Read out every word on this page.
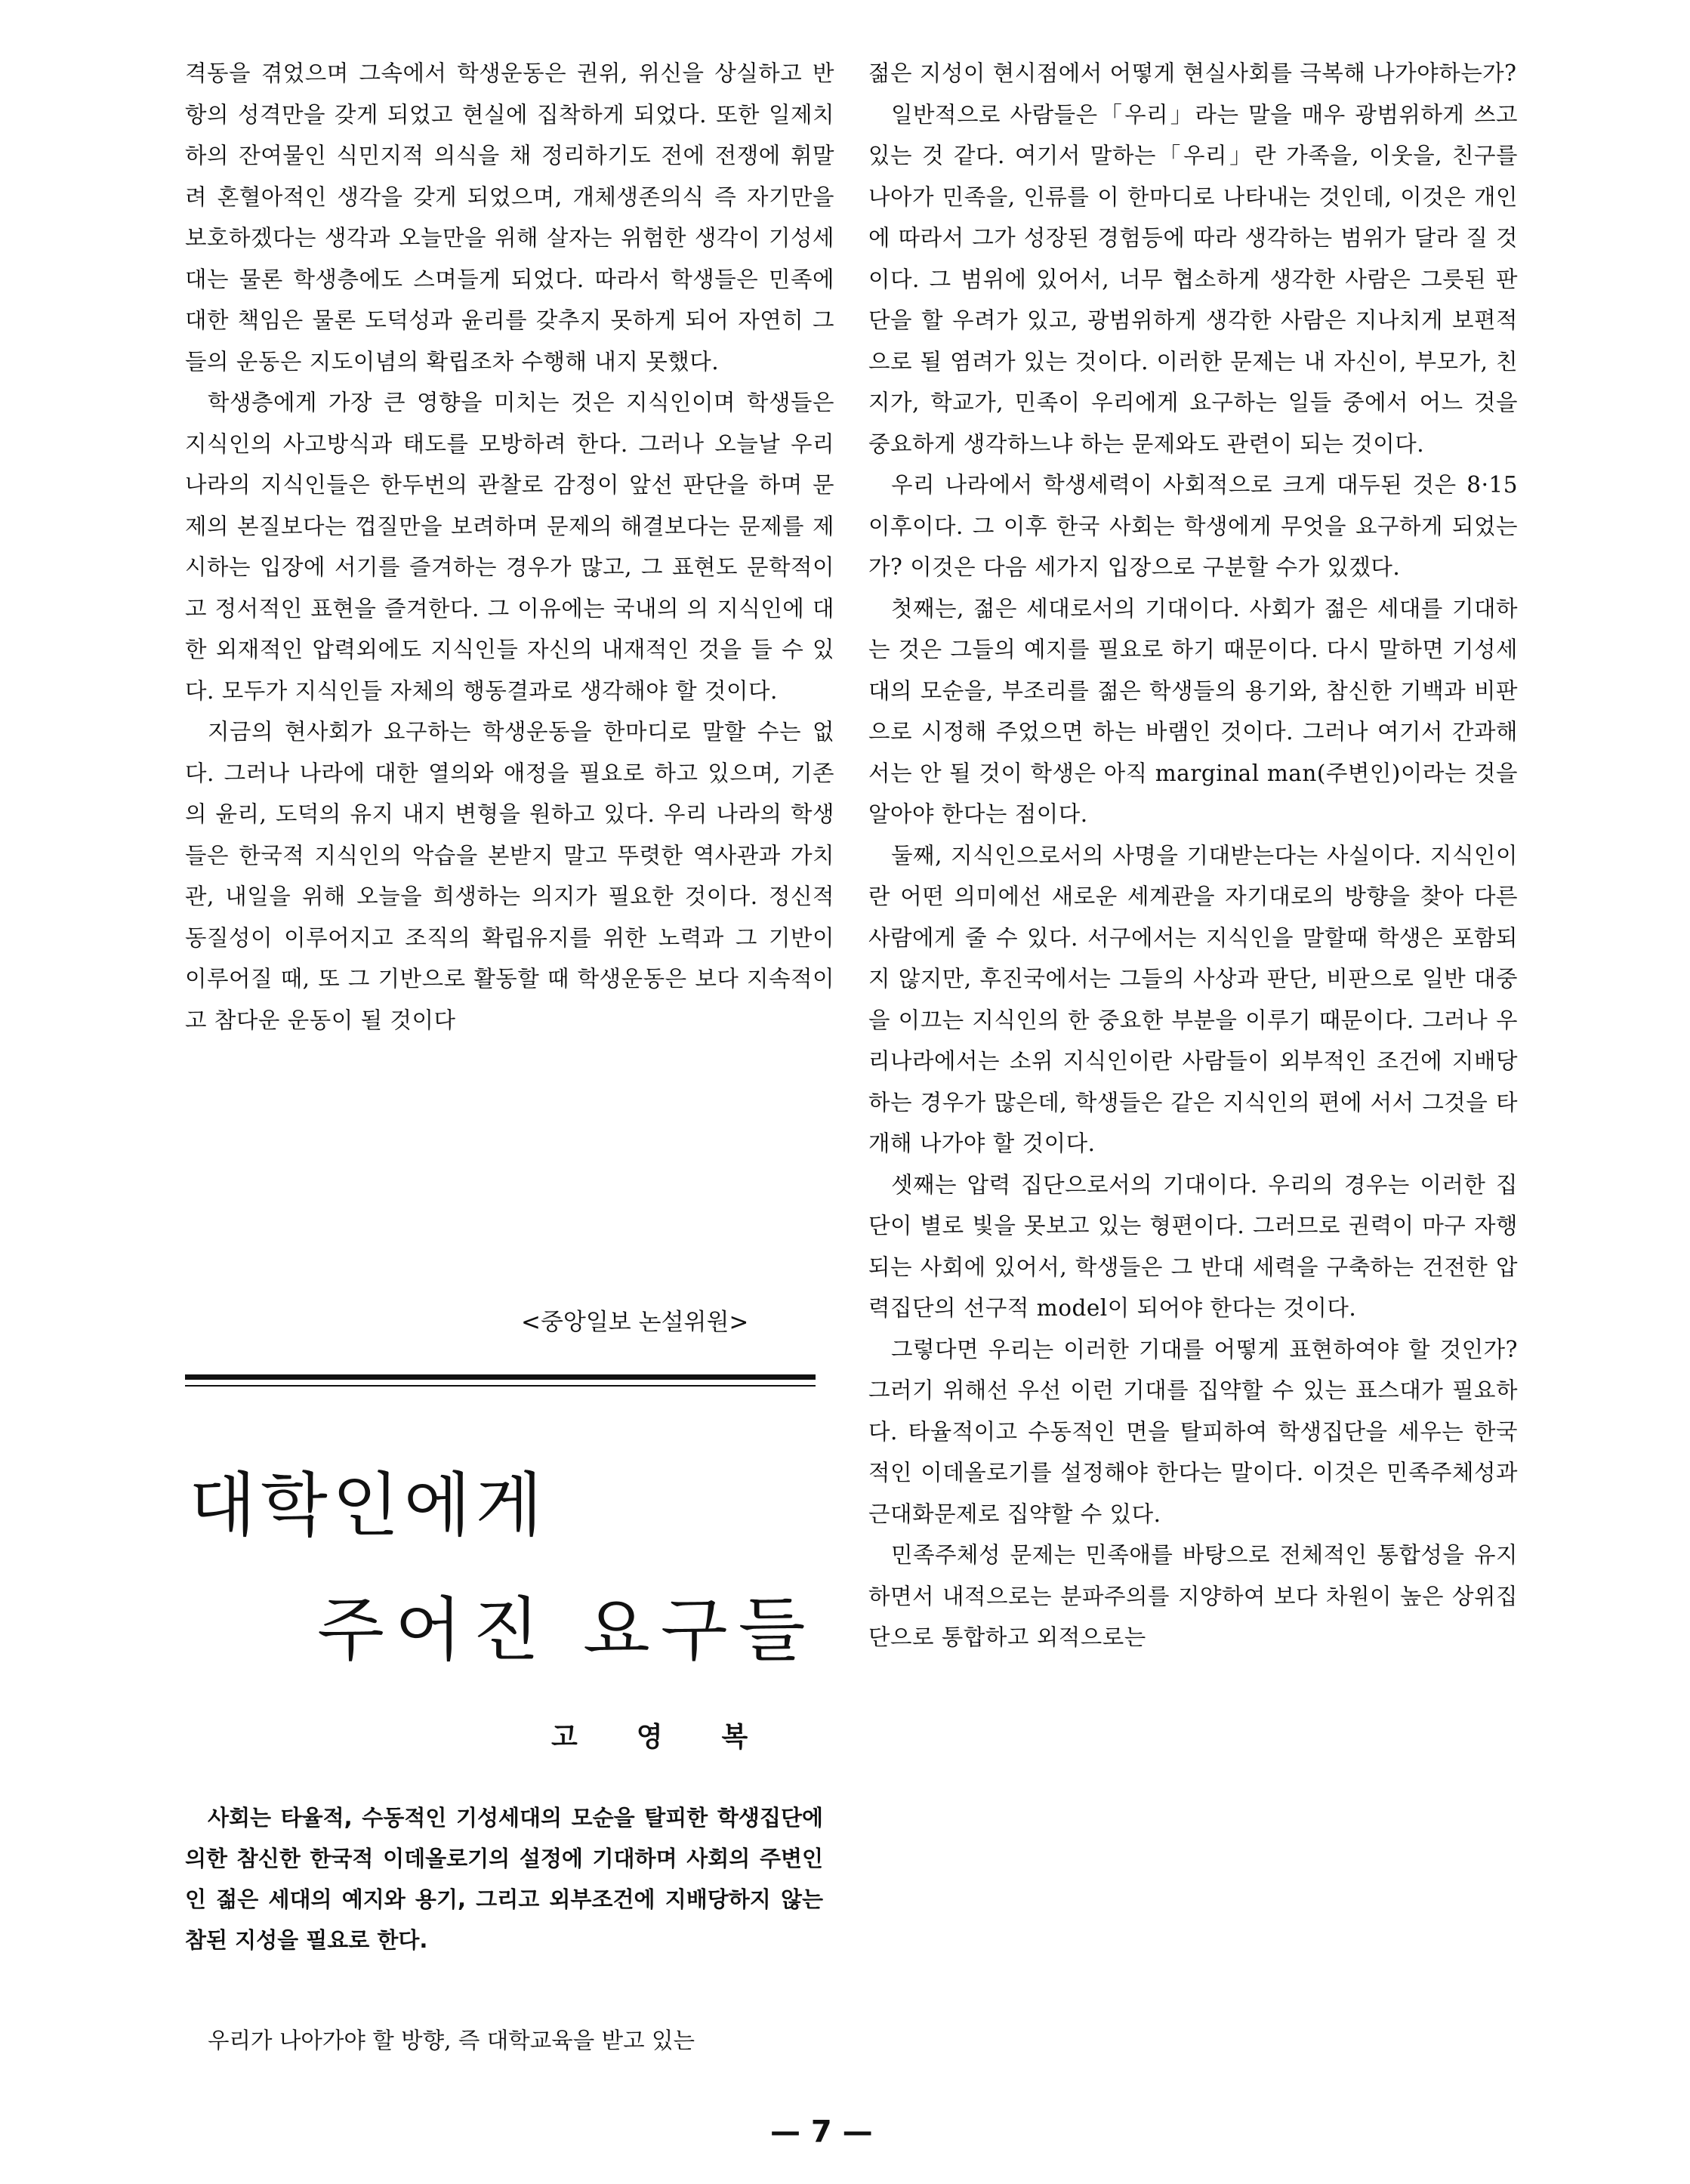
격동을 겪었으며 그속에서 학생운동은 권위, 위신을 상실하고 반항의 성격만을 갖게 되었고 현실에 집착하게 되었다. 또한 일제치하의 잔여물인 식민지적 의식을 채 정리하기도 전에 전쟁에 휘말려 혼혈아적인 생각을 갖게 되었으며, 개체생존의식 즉 자기만을 보호하겠다는 생각과 오늘만을 위해 살자는 위험한 생각이 기성세대는 물론 학생층에도 스며들게 되었다. 따라서 학생들은 민족에 대한 책임은 물론 도덕성과 윤리를 갖추지 못하게 되어 자연히 그들의 운동은 지도이념의 확립조차 수행해 내지 못했다.

학생층에게 가장 큰 영향을 미치는 것은 지식인이며 학생들은 지식인의 사고방식과 태도를 모방하려 한다. 그러나 오늘날 우리나라의 지식인들은 한두번의 관찰로 감정이 앞선 판단을 하며 문제의 본질보다는 껍질만을 보려하며 문제의 해결보다는 문제를 제시하는 입장에 서기를 즐겨하는 경우가 많고, 그 표현도 문학적이고 정서적인 표현을 즐겨한다. 그 이유에는 국내의 의 지식인에 대한 외재적인 압력외에도 지식인들 자신의 내재적인 것을 들 수 있다. 모두가 지식인들 자체의 행동결과로 생각해야 할 것이다.

지금의 현사회가 요구하는 학생운동을 한마디로 말할 수는 없다. 그러나 나라에 대한 열의와 애정을 필요로 하고 있으며, 기존의 윤리, 도덕의 유지 내지 변형을 원하고 있다. 우리 나라의 학생들은 한국적 지식인의 악습을 본받지 말고 뚜렷한 역사관과 가치관, 내일을 위해 오늘을 희생하는 의지가 필요한 것이다. 정신적 동질성이 이루어지고 조직의 확립유지를 위한 노력과 그 기반이 이루어질 때, 또 그 기반으로 활동할 때 학생운동은 보다 지속적이고 참다운 운동이 될 것이다

<중앙일보 논설위원>
대학인에게
주어진 요구들
고영복
사회는 타율적, 수동적인 기성세대의 모순을 탈피한 학생집단에 의한 참신한 한국적 이데올로기의 설정에 기대하며 사회의 주변인인 젊은 세대의 예지와 용기, 그리고 외부조건에 지배당하지 않는 참된 지성을 필요로 한다.
우리가 나아가야 할 방향, 즉 대학교육을 받고 있는

젊은 지성이 현시점에서 어떻게 현실사회를 극복해 나가야하는가?

일반적으로 사람들은「우리」라는 말을 매우 광범위하게 쓰고 있는 것 같다. 여기서 말하는「우리」란 가족을, 이웃을, 친구를 나아가 민족을, 인류를 이 한마디로 나타내는 것인데, 이것은 개인에 따라서 그가 성장된 경험등에 따라 생각하는 범위가 달라 질 것이다. 그 범위에 있어서, 너무 협소하게 생각한 사람은 그릇된 판단을 할 우려가 있고, 광범위하게 생각한 사람은 지나치게 보편적으로 될 염려가 있는 것이다. 이러한 문제는 내 자신이, 부모가, 친지가, 학교가, 민족이 우리에게 요구하는 일들 중에서 어느 것을 중요하게 생각하느냐 하는 문제와도 관련이 되는 것이다.

우리 나라에서 학생세력이 사회적으로 크게 대두된 것은 8·15이후이다. 그 이후 한국 사회는 학생에게 무엇을 요구하게 되었는가? 이것은 다음 세가지 입장으로 구분할 수가 있겠다.

첫째는, 젊은 세대로서의 기대이다. 사회가 젊은 세대를 기대하는 것은 그들의 예지를 필요로 하기 때문이다. 다시 말하면 기성세대의 모순을, 부조리를 젊은 학생들의 용기와, 참신한 기백과 비판으로 시정해 주었으면 하는 바램인 것이다. 그러나 여기서 간과해서는 안 될 것이 학생은 아직 marginal man(주변인)이라는 것을 알아야 한다는 점이다.

둘째, 지식인으로서의 사명을 기대받는다는 사실이다. 지식인이란 어떤 의미에선 새로운 세계관을 자기대로의 방향을 찾아 다른 사람에게 줄 수 있다. 서구에서는 지식인을 말할때 학생은 포함되지 않지만, 후진국에서는 그들의 사상과 판단, 비판으로 일반 대중을 이끄는 지식인의 한 중요한 부분을 이루기 때문이다. 그러나 우리나라에서는 소위 지식인이란 사람들이 외부적인 조건에 지배당하는 경우가 많은데, 학생들은 같은 지식인의 편에 서서 그것을 타개해 나가야 할 것이다.

셋째는 압력 집단으로서의 기대이다. 우리의 경우는 이러한 집단이 별로 빛을 못보고 있는 형편이다. 그러므로 권력이 마구 자행되는 사회에 있어서, 학생들은 그 반대 세력을 구축하는 건전한 압력집단의 선구적 model이 되어야 한다는 것이다.

그렇다면 우리는 이러한 기대를 어떻게 표현하여야 할 것인가? 그러기 위해선 우선 이런 기대를 집약할 수 있는 표스대가 필요하다. 타율적이고 수동적인 면을 탈피하여 학생집단을 세우는 한국적인 이데올로기를 설정해야 한다는 말이다. 이것은 민족주체성과 근대화문제로 집약할 수 있다.

민족주체성 문제는 민족애를 바탕으로 전체적인 통합성을 유지하면서 내적으로는 분파주의를 지양하여 보다 차원이 높은 상위집단으로 통합하고 외적으로는

— 7 —
